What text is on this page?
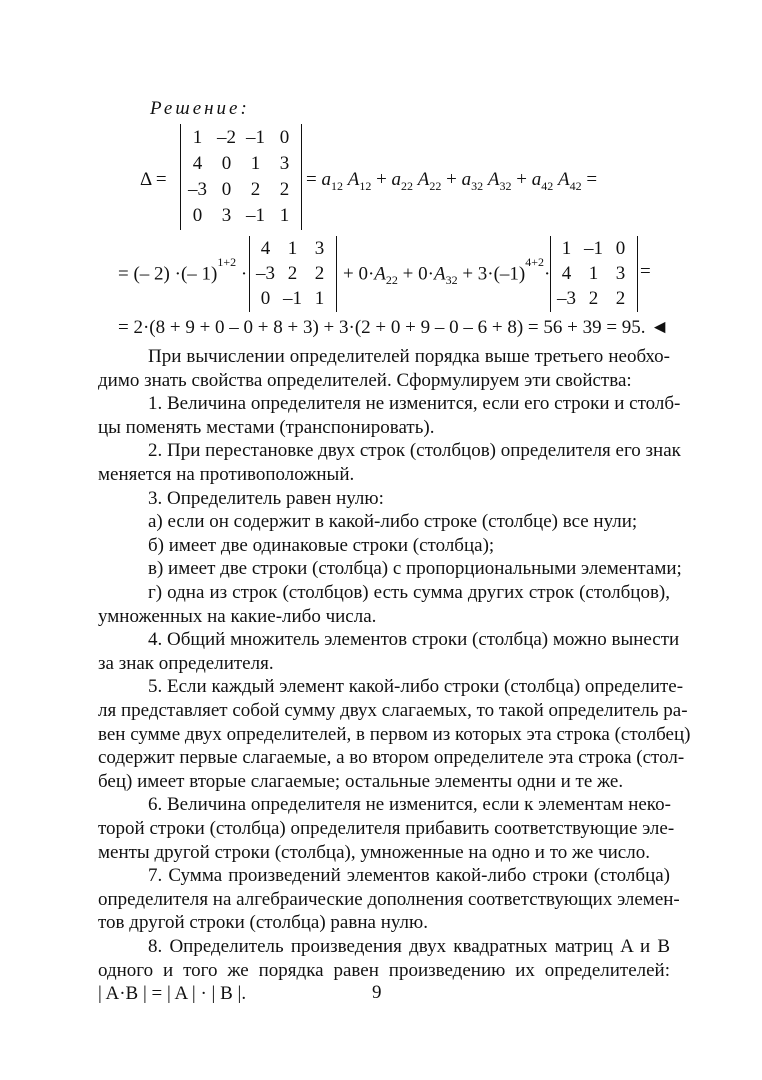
Решение:
Δ =
1 –2 –1 0
4	0	1	3
–3 0	2	2
0	3 –1 1
= $a_{12}$ $A_{12} + a_{22}$ $A_{22} + a_{32}$ $A_{32} + a_{42}$ $A_{42}$ =
= (– 2) ·(– 1)$^{1+2}$ ·
4 1 3
–3 2 2
0 –1 1
+ $0\cdot A_{22} + 0\cdot A_{32} + 3\cdot(-1)^{4+2}\cdot$
1 –1 0
4 1 3
–3 2 2
=
= 2·(8 + 9 + 0 – 0 + 8 + 3) + 3·(2 + 0 + 9 – 0 – 6 + 8) = 56 + 39 = 95. ◄
При вычислении определителей порядка выше третьего необхо-
димо знать свойства определителей. Сформулируем эти свойства:
1. Величина определителя не изменится, если его строки и столб-
цы поменять местами (транспонировать).
2. При перестановке двух строк (столбцов) определителя его знак
меняется на противоположный.
3. Определитель равен нулю:
а) если он содержит в какой-либо строке (столбце) все нули;
б) имеет две одинаковые строки (столбца);
в) имеет две строки (столбца) с пропорциональными элементами;
г) одна из строк (столбцов) есть сумма других строк (столбцов),
умноженных на какие-либо числа.
4. Общий множитель элементов строки (столбца) можно вынести
за знак определителя.
5. Если каждый элемент какой-либо строки (столбца) определите-
ля представляет собой сумму двух слагаемых, то такой определитель ра-
вен сумме двух определителей, в первом из которых эта строка (столбец)
содержит первые слагаемые, а во втором определителе эта строка (стол-
бец) имеет вторые слагаемые; остальные элементы одни и те же.
6. Величина определителя не изменится, если к элементам неко-
торой строки (столбца) определителя прибавить соответствующие эле-
менты другой строки (столбца), умноженные на одно и то же число.
7. Сумма произведений элементов какой-либо строки (столбца)
определителя на алгебраические дополнения соответствующих элемен-
тов другой строки (столбца) равна нулю.
8. Определитель произведения двух квадратных матриц A и B
одного и того же порядка равен произведению их определителей:
| A·B | = | A | · | B |.	9
